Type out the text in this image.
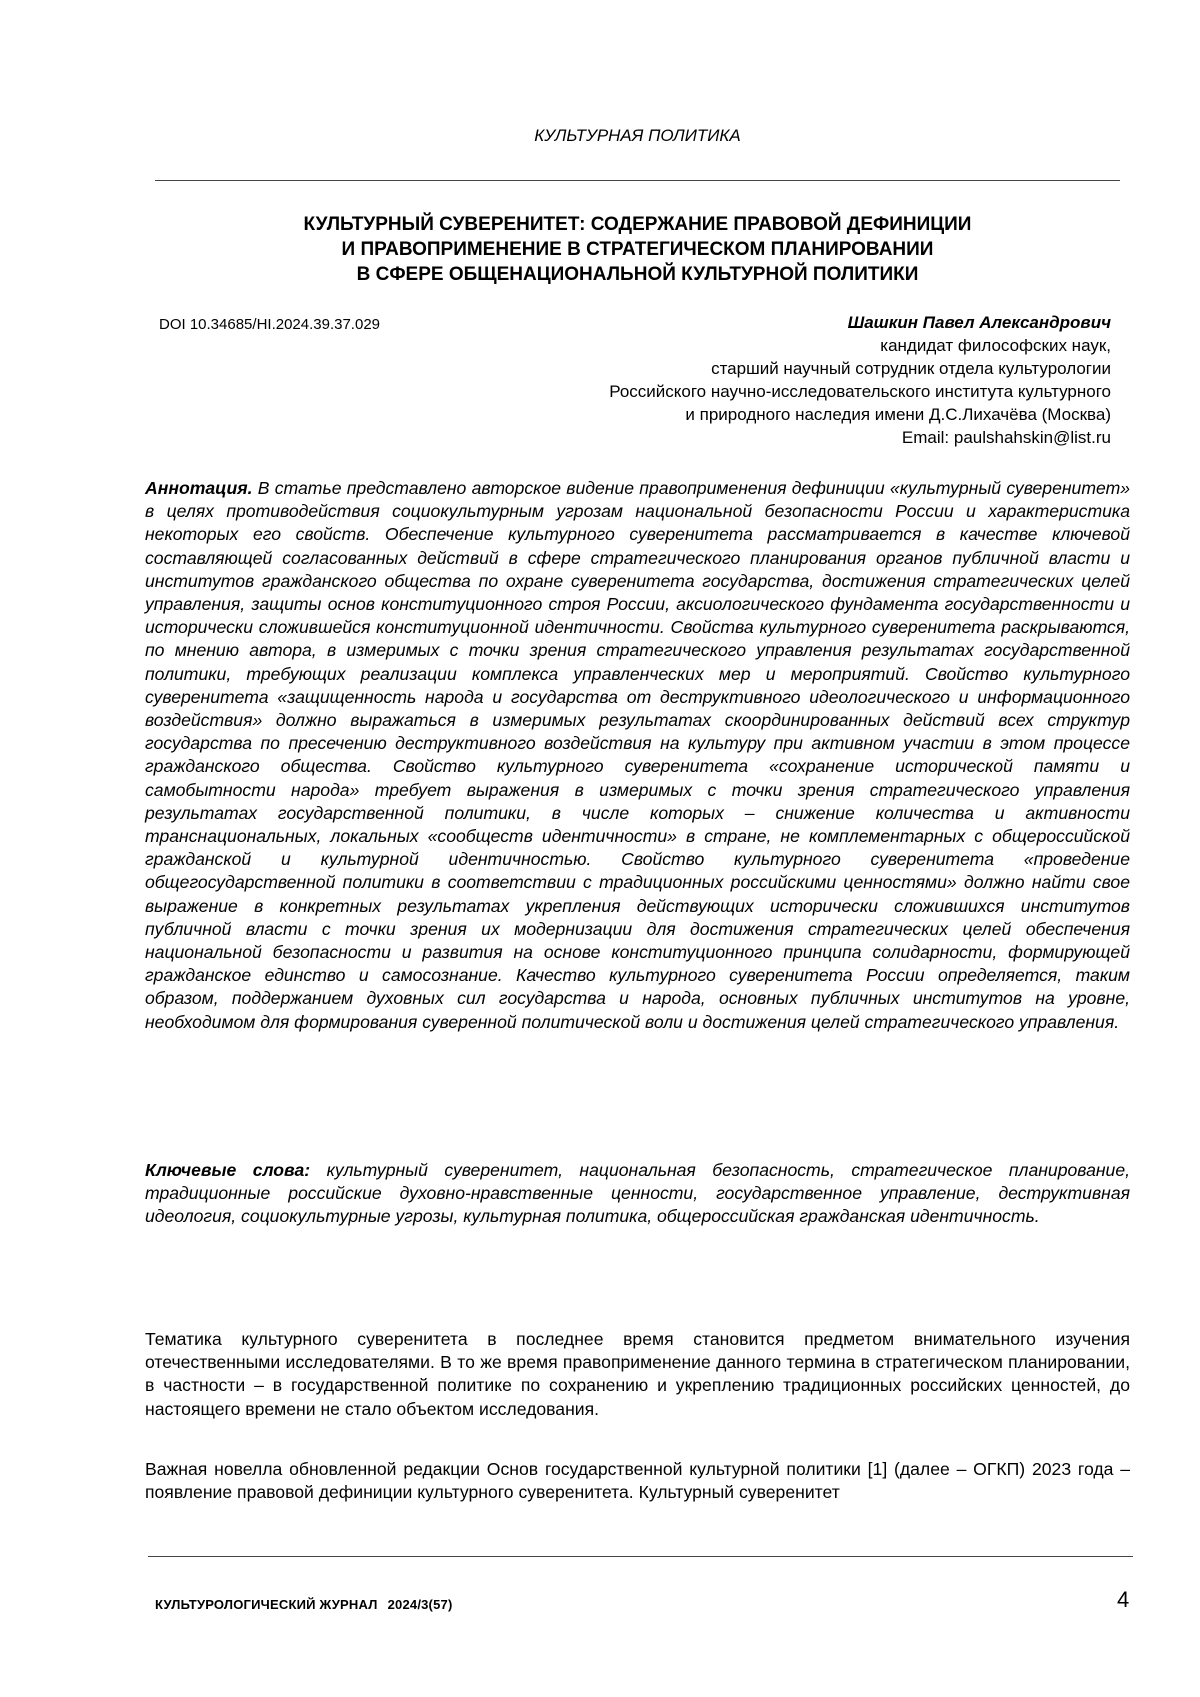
КУЛЬТУРНАЯ ПОЛИТИКА
КУЛЬТУРНЫЙ СУВЕРЕНИТЕТ: СОДЕРЖАНИЕ ПРАВОВОЙ ДЕФИНИЦИИ
И ПРАВОПРИМЕНЕНИЕ В СТРАТЕГИЧЕСКОМ ПЛАНИРОВАНИИ
В СФЕРЕ ОБЩЕНАЦИОНАЛЬНОЙ КУЛЬТУРНОЙ ПОЛИТИКИ
DOI 10.34685/HI.2024.39.37.029	Шашкин Павел Александрович
кандидат философских наук,
старший научный сотрудник отдела культурологии
Российского научно-исследовательского института культурного
и природного наследия имени Д.С.Лихачёва (Москва)
Email: paulshahskin@list.ru

Аннотация. В статье представлено авторское видение правоприменения дефиниции «культурный суверенитет» в целях противодействия социокультурным угрозам национальной безопасности России и характеристика некоторых его свойств. Обеспечение культурного суверенитета рассматривается в качестве ключевой составляющей согласованных действий в сфере стратегического планирования органов публичной власти и институтов гражданского общества по охране суверенитета государства, достижения стратегических целей управления, защиты основ конституционного строя России, аксиологического фундамента государственности и исторически сложившейся конституционной идентичности. Свойства культурного суверенитета раскрываются, по мнению автора, в измеримых с точки зрения стратегического управления результатах государственной политики, требующих реализации комплекса управленческих мер и мероприятий. Свойство культурного суверенитета «защищенность народа и государства от деструктивного идеологического и информационного воздействия» должно выражаться в измеримых результатах скоординированных действий всех структур государства по пресечению деструктивного воздействия на культуру при активном участии в этом процессе гражданского общества. Свойство культурного суверенитета «сохранение исторической памяти и самобытности народа» требует выражения в измеримых с точки зрения стратегического управления результатах государственной политики, в числе которых – снижение количества и активности транснациональных, локальных «сообществ идентичности» в стране, не комплементарных с общероссийской гражданской и культурной идентичностью. Свойство культурного суверенитета «проведение общегосударственной политики в соответствии с традиционных российскими ценностями» должно найти свое выражение в конкретных результатах укрепления действующих исторически сложившихся институтов публичной власти с точки зрения их модернизации для достижения стратегических целей обеспечения национальной безопасности и развития на основе конституционного принципа солидарности, формирующей гражданское единство и самосознание. Качество культурного суверенитета России определяется, таким образом, поддержанием духовных сил государства и народа, основных публичных институтов на уровне, необходимом для формирования суверенной политической воли и достижения целей стратегического управления.

Ключевые слова: культурный суверенитет, национальная безопасность, стратегическое планирование, традиционные российские духовно-нравственные ценности, государственное управление, деструктивная идеология, социокультурные угрозы, культурная политика, общероссийская гражданская идентичность.

Тематика культурного суверенитета в последнее время становится предметом внимательного изучения отечественными исследователями. В то же время правоприменение данного термина в стратегическом планировании, в частности – в государственной политике по сохранению и укреплению традиционных российских ценностей, до настоящего времени не стало объектом исследования.

Важная новелла обновленной редакции Основ государственной культурной политики [1] (далее – ОГКП) 2023 года – появление правовой дефиниции культурного суверенитета. Культурный суверенитет

КУЛЬТУРОЛОГИЧЕСКИЙ ЖУРНАЛ 2024/3(57)	4
